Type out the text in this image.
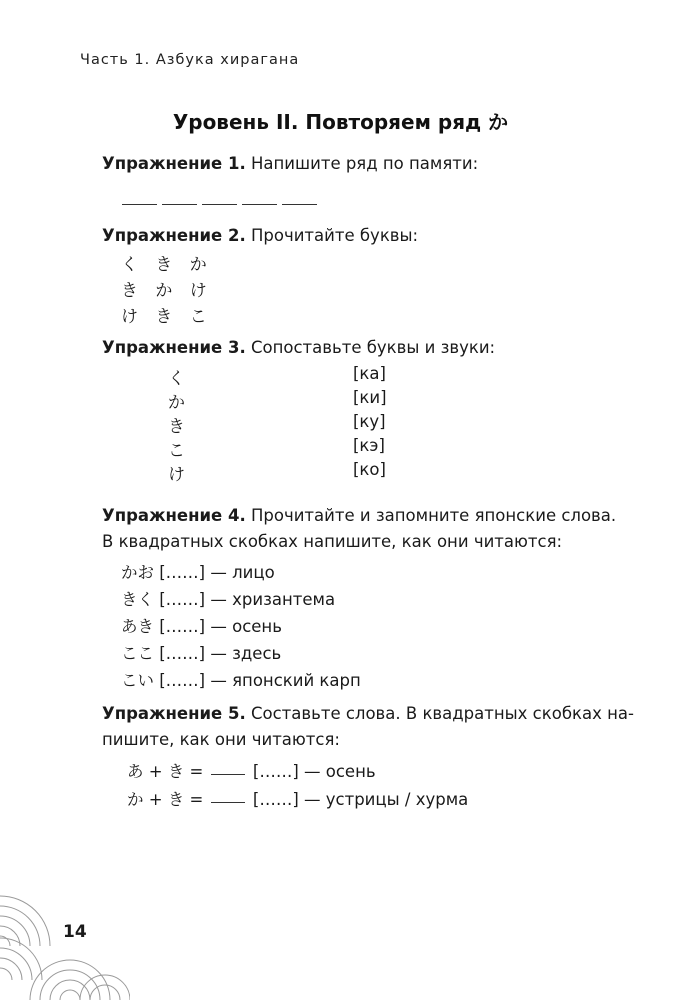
Часть 1. Азбука хирагана
Уровень II. Повторяем ряд か
Упражнение 1. Напишите ряд по памяти:
Упражнение 2. Прочитайте буквы:
く き か
き か け
け き こ
Упражнение 3. Сопоставьте буквы и звуки:
く
か
き
こ
け
[ка]
[ки]
[ку]
[кэ]
[ко]
Упражнение 4. Прочитайте и запомните японские слова.
В квадратных скобках напишите, как они читаются:
かお [……] — лицо
きく [……] — хризантема
あき [……] — осень
ここ [……] — здесь
こい [……] — японский карп
Упражнение 5. Составьте слова. В квадратных скобках на-
пишите, как они читаются:
あ + き =  [……] — осень
か + き =  [……] — устрицы / хурма
14
